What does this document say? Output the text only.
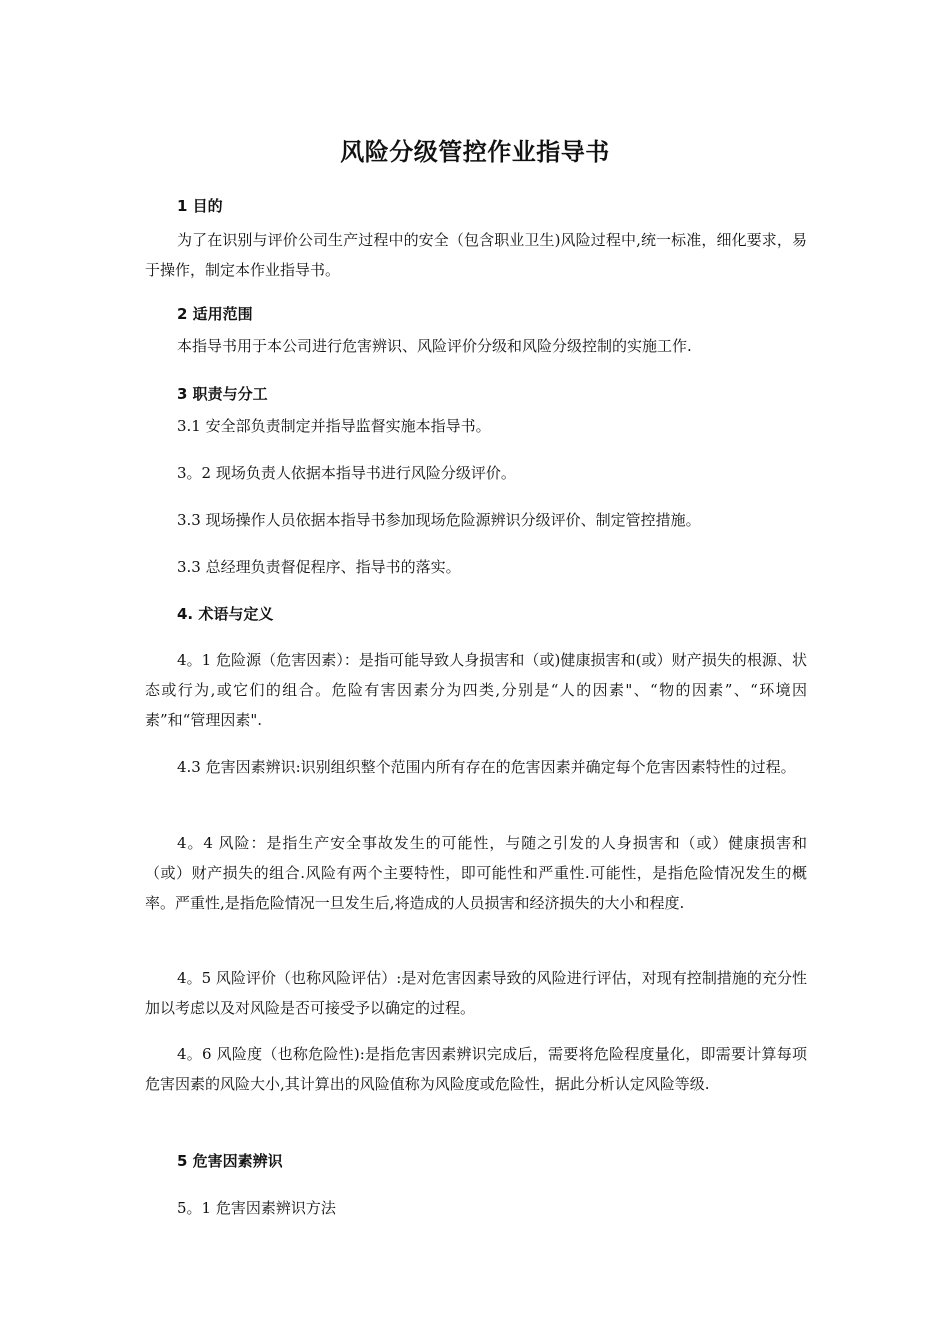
风险分级管控作业指导书
1 目的
为了在识别与评价公司生产过程中的安全（包含职业卫生)风险过程中,统一标准，细化要求，易于操作，制定本作业指导书。
2 适用范围
本指导书用于本公司进行危害辨识、风险评价分级和风险分级控制的实施工作.
3 职责与分工
3.1 安全部负责制定并指导监督实施本指导书。
3。2 现场负责人依据本指导书进行风险分级评价。
3.3 现场操作人员依据本指导书参加现场危险源辨识分级评价、制定管控措施。
3.3 总经理负责督促程序、指导书的落实。
4. 术语与定义
4。1 危险源（危害因素）：是指可能导致人身损害和（或)健康损害和(或）财产损失的根源、状态或行为,或它们的组合。危险有害因素分为四类,分别是“人的因素"、“物的因素”、“环境因素”和“管理因素".
4.3 危害因素辨识:识别组织整个范围内所有存在的危害因素并确定每个危害因素特性的过程。
4。4 风险：是指生产安全事故发生的可能性，与随之引发的人身损害和（或）健康损害和（或）财产损失的组合.风险有两个主要特性，即可能性和严重性.可能性，是指危险情况发生的概率。严重性,是指危险情况一旦发生后,将造成的人员损害和经济损失的大小和程度.
4。5 风险评价（也称风险评估）:是对危害因素导致的风险进行评估，对现有控制措施的充分性加以考虑以及对风险是否可接受予以确定的过程。
4。6 风险度（也称危险性):是指危害因素辨识完成后，需要将危险程度量化，即需要计算每项危害因素的风险大小,其计算出的风险值称为风险度或危险性，据此分析认定风险等级.
5 危害因素辨识
5。1 危害因素辨识方法
